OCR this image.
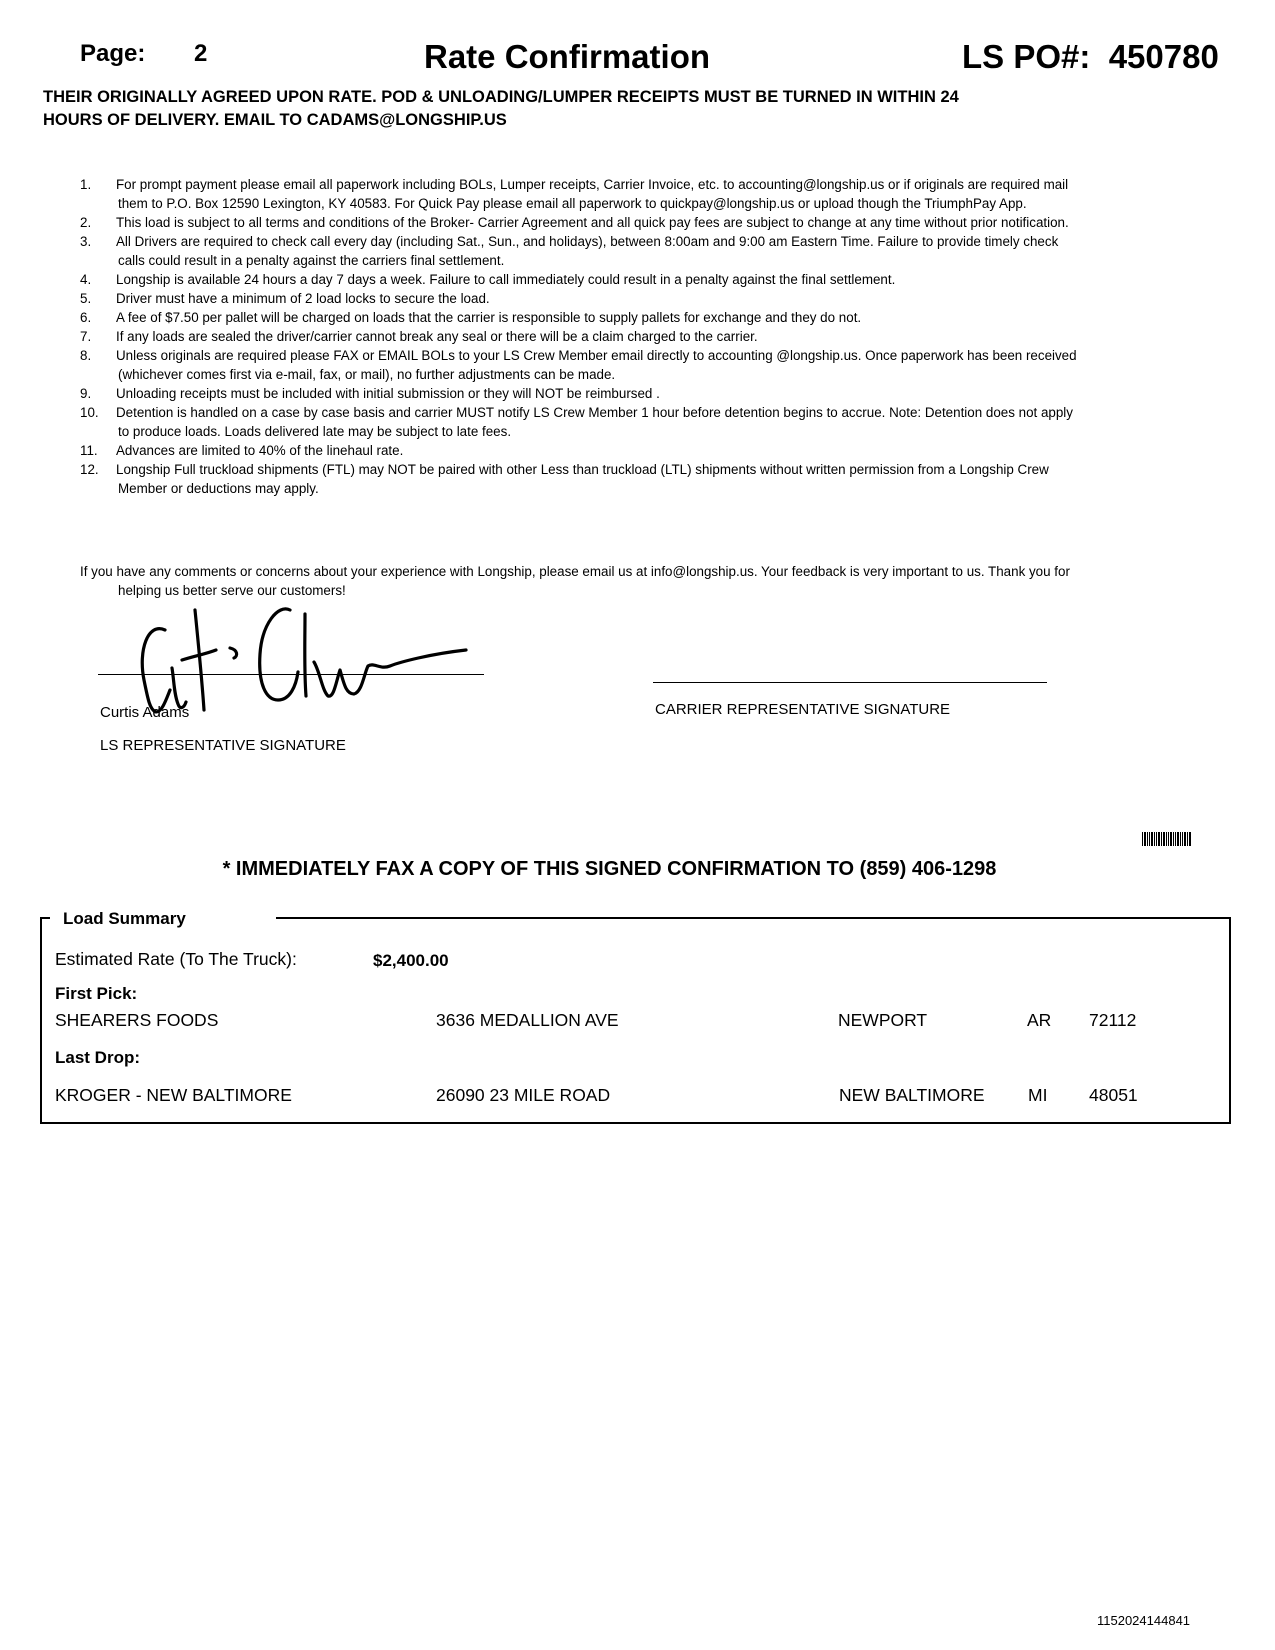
Page: 2	Rate Confirmation	LS PO#: 450780
THEIR ORIGINALLY AGREED UPON RATE. POD & UNLOADING/LUMPER RECEIPTS MUST BE TURNED IN WITHIN 24
HOURS OF DELIVERY. EMAIL TO CADAMS@LONGSHIP.US
1. For prompt payment please email all paperwork including BOLs, Lumper receipts, Carrier Invoice, etc. to accounting@longship.us or if originals are required mail them to P.O. Box 12590 Lexington, KY 40583. For Quick Pay please email all paperwork to quickpay@longship.us or upload though the TriumphPay App.
2. This load is subject to all terms and conditions of the Broker- Carrier Agreement and all quick pay fees are subject to change at any time without prior notification.
3. All Drivers are required to check call every day (including Sat., Sun., and holidays), between 8:00am and 9:00 am Eastern Time. Failure to provide timely check calls could result in a penalty against the carriers final settlement.
4. Longship is available 24 hours a day 7 days a week. Failure to call immediately could result in a penalty against the final settlement.
5. Driver must have a minimum of 2 load locks to secure the load.
6. A fee of $7.50 per pallet will be charged on loads that the carrier is responsible to supply pallets for exchange and they do not.
7. If any loads are sealed the driver/carrier cannot break any seal or there will be a claim charged to the carrier.
8. Unless originals are required please FAX or EMAIL BOLs to your LS Crew Member email directly to accounting @longship.us. Once paperwork has been received (whichever comes first via e-mail, fax, or mail), no further adjustments can be made.
9. Unloading receipts must be included with initial submission or they will NOT be reimbursed .
10. Detention is handled on a case by case basis and carrier MUST notify LS Crew Member 1 hour before detention begins to accrue. Note: Detention does not apply to produce loads. Loads delivered late may be subject to late fees.
11. Advances are limited to 40% of the linehaul rate.
12. Longship Full truckload shipments (FTL) may NOT be paired with other Less than truckload (LTL) shipments without written permission from a Longship Crew Member or deductions may apply.
If you have any comments or concerns about your experience with Longship, please email us at info@longship.us. Your feedback is very important to us. Thank you for helping us better serve our customers!
Curtis Adams
LS REPRESENTATIVE SIGNATURE
CARRIER REPRESENTATIVE SIGNATURE
* IMMEDIATELY FAX A COPY OF THIS SIGNED CONFIRMATION TO (859) 406-1298
Load Summary
Estimated Rate (To The Truck):	$2,400.00
First Pick:
SHEARERS FOODS	3636 MEDALLION AVE	NEWPORT	AR 72112
Last Drop:
KROGER - NEW BALTIMORE	26090 23 MILE ROAD	NEW BALTIMORE MI 48051
1152024144841
